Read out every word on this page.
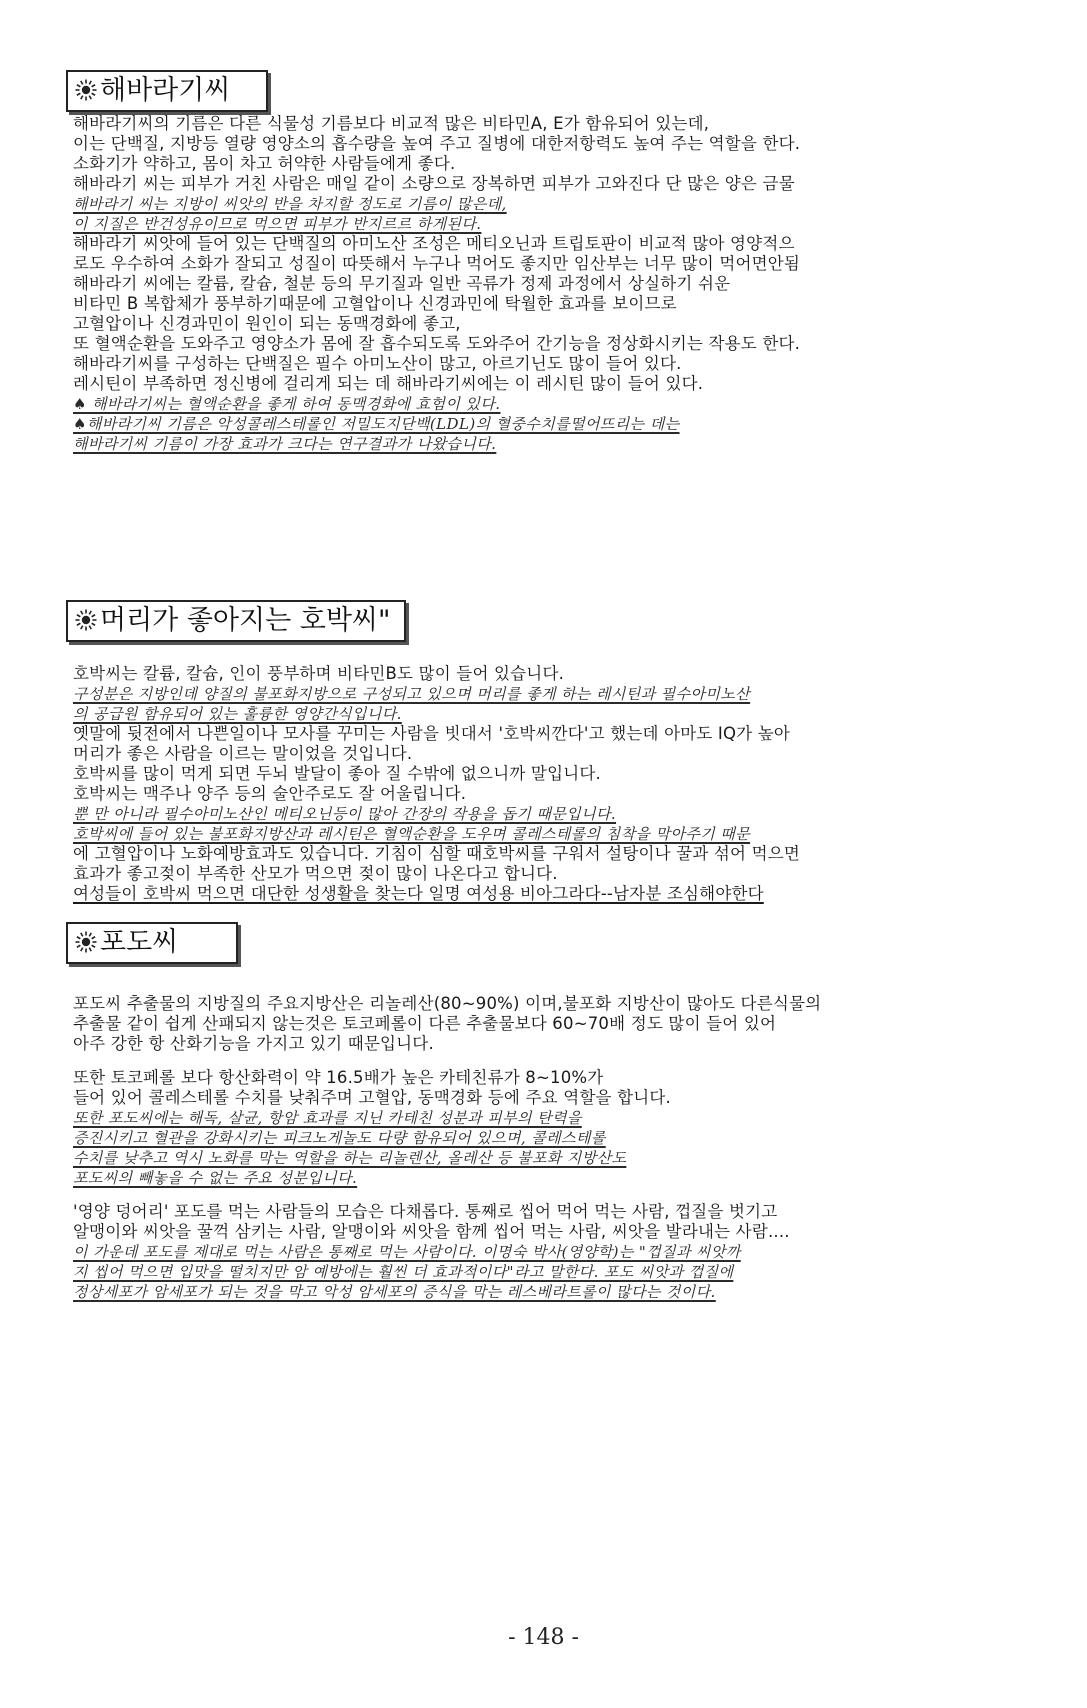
해바라기씨
해바라기씨의 기름은 다른 식물성 기름보다 비교적 많은 비타민A, E가 함유되어 있는데,
이는 단백질, 지방등 열량 영양소의 흡수량을 높여 주고 질병에 대한저항력도 높여 주는 역할을 한다.
소화기가 약하고, 몸이 차고 허약한 사람들에게 좋다.
해바라기 씨는 피부가 거친 사람은 매일 같이 소량으로 장복하면 피부가 고와진다 단 많은 양은 금물
해바라기 씨는 지방이 씨앗의 반을 차지할 정도로 기름이 많은데,
이 지질은 반건성유이므로 먹으면 피부가 반지르르 하게된다.
해바라기 씨앗에 들어 있는 단백질의 아미노산 조성은 메티오닌과 트립토판이 비교적 많아 영양적으
로도 우수하여 소화가 잘되고 성질이 따뜻해서 누구나 먹어도 좋지만 임산부는 너무 많이 먹어면안됨
해바라기 씨에는 칼륨, 칼슘, 철분 등의 무기질과 일반 곡류가 정제 과정에서 상실하기 쉬운
비타민 B 복합체가 풍부하기때문에 고혈압이나 신경과민에 탁월한 효과를 보이므로
고혈압이나 신경과민이 원인이 되는 동맥경화에 좋고,
또 혈액순환을 도와주고 영양소가 몸에 잘 흡수되도록 도와주어 간기능을 정상화시키는 작용도 한다.
해바라기씨를 구성하는 단백질은 필수 아미노산이 많고, 아르기닌도 많이 들어 있다.
레시틴이 부족하면 정신병에 걸리게 되는 데 해바라기씨에는 이 레시틴 많이 들어 있다.
♠ 해바라기씨는 혈액순환을 좋게 하여 동맥경화에 효험이 있다.
♠해바라기씨 기름은 악성콜레스테롤인 저밀도지단백(LDL)의 혈중수치를떨어뜨리는 데는
해바라기씨 기름이 가장 효과가 크다는 연구결과가 나왔습니다.
머리가 좋아지는 호박씨"
호박씨는 칼륨, 칼슘, 인이 풍부하며 비타민B도 많이 들어 있습니다.
구성분은 지방인데 양질의 불포화지방으로 구성되고 있으며 머리를 좋게 하는 레시틴과 필수아미노산
의 공급원 함유되어 있는 훌륭한 영양간식입니다.
옛말에 뒷전에서 나쁜일이나 모사를 꾸미는 사람을 빗대서 '호박씨깐다'고 했는데 아마도 IQ가 높아
머리가 좋은 사람을 이르는 말이었을 것입니다.
호박씨를 많이 먹게 되면 두뇌 발달이 좋아 질 수밖에 없으니까 말입니다.
호박씨는 맥주나 양주 등의 술안주로도 잘 어울립니다.
뿐 만 아니라 필수아미노산인 메티오닌등이 많아 간장의 작용을 돕기 때문입니다.
호박씨에 들어 있는 불포화지방산과 레시틴은 혈액순환을 도우며 콜레스테롤의 침착을 막아주기 때문
에 고혈압이나 노화예방효과도 있습니다. 기침이 심할 때호박씨를 구워서 설탕이나 꿀과 섞어 먹으면
효과가 좋고젖이 부족한 산모가 먹으면 젖이 많이 나온다고 합니다.
여성들이 호박씨 먹으면 대단한 성생활을 찾는다 일명 여성용 비아그라다--남자분 조심해야한다
포도씨
포도씨 추출물의 지방질의 주요지방산은 리놀레산(80~90%) 이며,불포화 지방산이 많아도 다른식물의
추출물 같이 쉽게 산패되지 않는것은 토코페롤이 다른 추출물보다 60~70배 정도 많이 들어 있어
아주 강한 항 산화기능을 가지고 있기 때문입니다.
또한 토코페롤 보다 항산화력이 약 16.5배가 높은 카테친류가 8~10%가
들어 있어 콜레스테롤 수치를 낮춰주며 고혈압, 동맥경화 등에 주요 역할을 합니다.
또한 포도씨에는 해독, 살균, 항암 효과를 지닌 카테친 성분과 피부의 탄력을
증진시키고 혈관을 강화시키는 피크노게놀도 다량 함유되어 있으며, 콜레스테롤
수치를 낮추고 역시 노화를 막는 역할을 하는 리놀렌산, 올레산 등 불포화 지방산도
포도씨의 빼놓을 수 없는 주요 성분입니다.
'영양 덩어리' 포도를 먹는 사람들의 모습은 다채롭다. 통째로 씹어 먹어 먹는 사람, 껍질을 벗기고
알맹이와 씨앗을 꿀꺽 삼키는 사람, 알맹이와 씨앗을 함께 씹어 먹는 사람, 씨앗을 발라내는 사람....
이 가운데 포도를 제대로 먹는 사람은 통째로 먹는 사람이다. 이명숙 박사(영양학)는 "껍질과 씨앗까
지 씹어 먹으면 입맛을 떨치지만 암 예방에는 훨씬 더 효과적이다"라고 말한다. 포도 씨앗과 껍질에
정상세포가 암세포가 되는 것을 막고 악성 암세포의 증식을 막는 레스베라트롤이 많다는 것이다.
- 148 -
